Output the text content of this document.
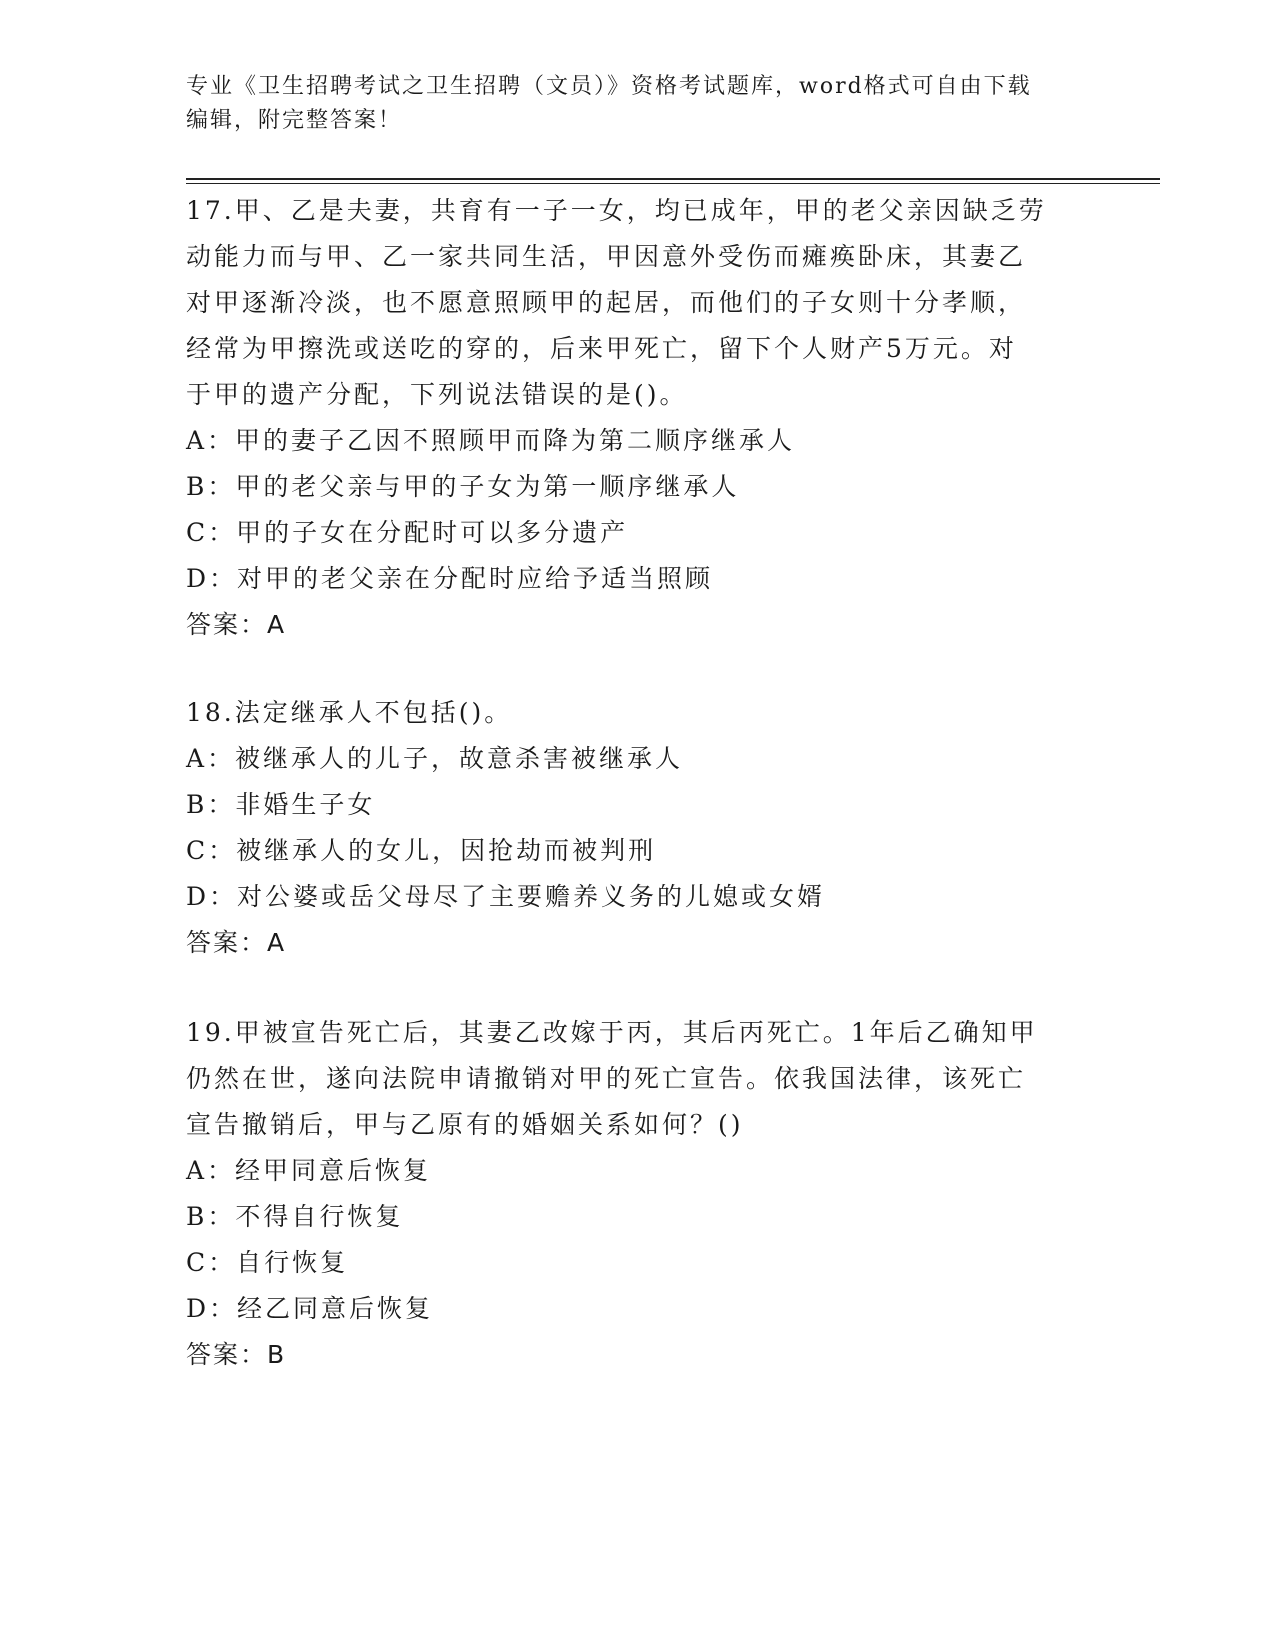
专业《卫生招聘考试之卫生招聘（文员）》资格考试题库，word格式可自由下载
编辑，附完整答案！
17.甲、乙是夫妻，共育有一子一女，均已成年，甲的老父亲因缺乏劳
动能力而与甲、乙一家共同生活，甲因意外受伤而瘫痪卧床，其妻乙
对甲逐渐冷淡，也不愿意照顾甲的起居，而他们的子女则十分孝顺，
经常为甲擦洗或送吃的穿的，后来甲死亡，留下个人财产5万元。对
于甲的遗产分配，下列说法错误的是()。
A：甲的妻子乙因不照顾甲而降为第二顺序继承人
B：甲的老父亲与甲的子女为第一顺序继承人
C：甲的子女在分配时可以多分遗产
D：对甲的老父亲在分配时应给予适当照顾
答案：A
18.法定继承人不包括()。
A：被继承人的儿子，故意杀害被继承人
B：非婚生子女
C：被继承人的女儿，因抢劫而被判刑
D：对公婆或岳父母尽了主要赡养义务的儿媳或女婿
答案：A
19.甲被宣告死亡后，其妻乙改嫁于丙，其后丙死亡。1年后乙确知甲
仍然在世，遂向法院申请撤销对甲的死亡宣告。依我国法律，该死亡
宣告撤销后，甲与乙原有的婚姻关系如何？()
A：经甲同意后恢复
B：不得自行恢复
C：自行恢复
D：经乙同意后恢复
答案：B
